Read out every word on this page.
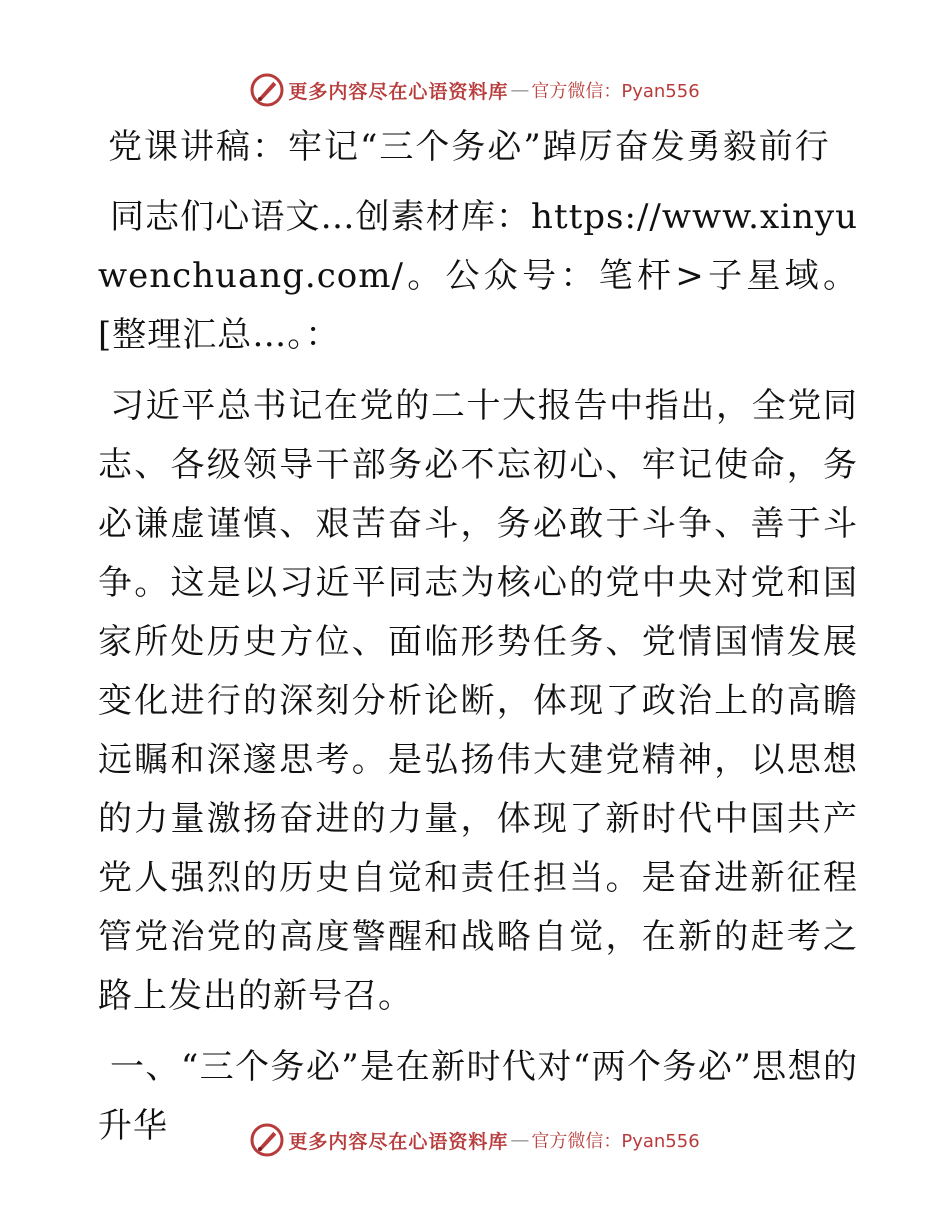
更多内容尽在心语资料库 — 官方微信：Pyan556
党课讲稿：牢记“三个务必”踔厉奋发勇毅前行

同志们心语文…创素材库：https://www.xinyuwenchuang.com/。公众号：笔杆>子星域。[整理汇总…。：

习近平总书记在党的二十大报告中指出，全党同志、各级领导干部务必不忘初心、牢记使命，务必谦虚谨慎、艰苦奋斗，务必敢于斗争、善于斗争。这是以习近平同志为核心的党中央对党和国家所处历史方位、面临形势任务、党情国情发展变化进行的深刻分析论断，体现了政治上的高瞻远瞩和深邃思考。是弘扬伟大建党精神，以思想的力量激扬奋进的力量，体现了新时代中国共产党人强烈的历史自觉和责任担当。是奋进新征程管党治党的高度警醒和战略自觉，在新的赶考之路上发出的新号召。

一、“三个务必”是在新时代对“两个务必”思想的升华	更多内容尽在心语资料库 — 官方微信：Pyan556
